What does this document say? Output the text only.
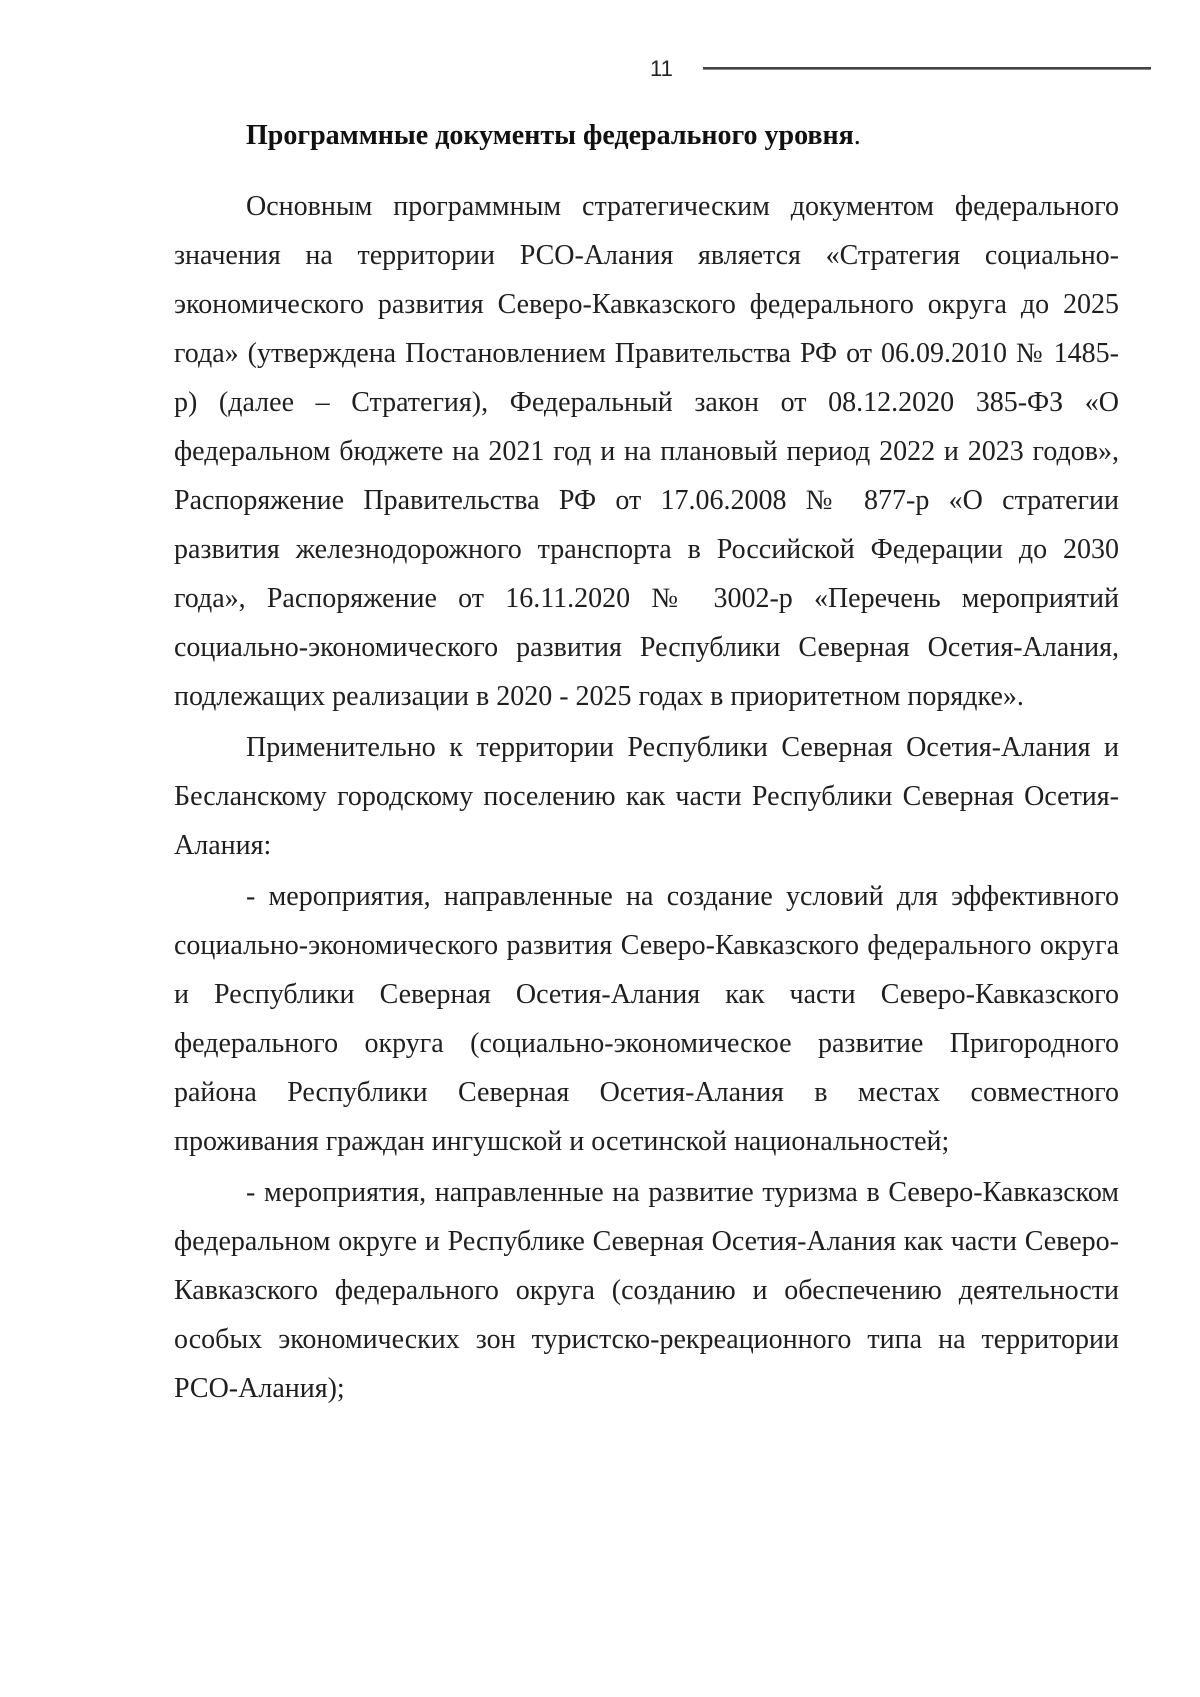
11

Программные документы федерального уровня.

Основным программным стратегическим документом федерального значения на территории РСО-Алания является «Стратегия социально-экономического развития Северо-Кавказского федерального округа до 2025 года» (утверждена Постановлением Правительства РФ от 06.09.2010 № 1485-р) (далее – Стратегия), Федеральный закон от 08.12.2020 385-ФЗ «О федеральном бюджете на 2021 год и на плановый период 2022 и 2023 годов», Распоряжение Правительства РФ от 17.06.2008 № 877-р «О стратегии развития железнодорожного транспорта в Российской Федерации до 2030 года», Распоряжение от 16.11.2020 № 3002-р «Перечень мероприятий социально-экономического развития Республики Северная Осетия-Алания, подлежащих реализации в 2020 - 2025 годах в приоритетном порядке».

Применительно к территории Республики Северная Осетия-Алания и Бесланскому городскому поселению как части Республики Северная Осетия-Алания:

- мероприятия, направленные на создание условий для эффективного социально-экономического развития Северо-Кавказского федерального округа и Республики Северная Осетия-Алания как части Северо-Кавказского федерального округа (социально-экономическое развитие Пригородного района Республики Северная Осетия-Алания в местах совместного проживания граждан ингушской и осетинской национальностей;

- мероприятия, направленные на развитие туризма в Северо-Кавказском федеральном округе и Республике Северная Осетия-Алания как части Северо-Кавказского федерального округа (созданию и обеспечению деятельности особых экономических зон туристско-рекреационного типа на территории РСО-Алания);
